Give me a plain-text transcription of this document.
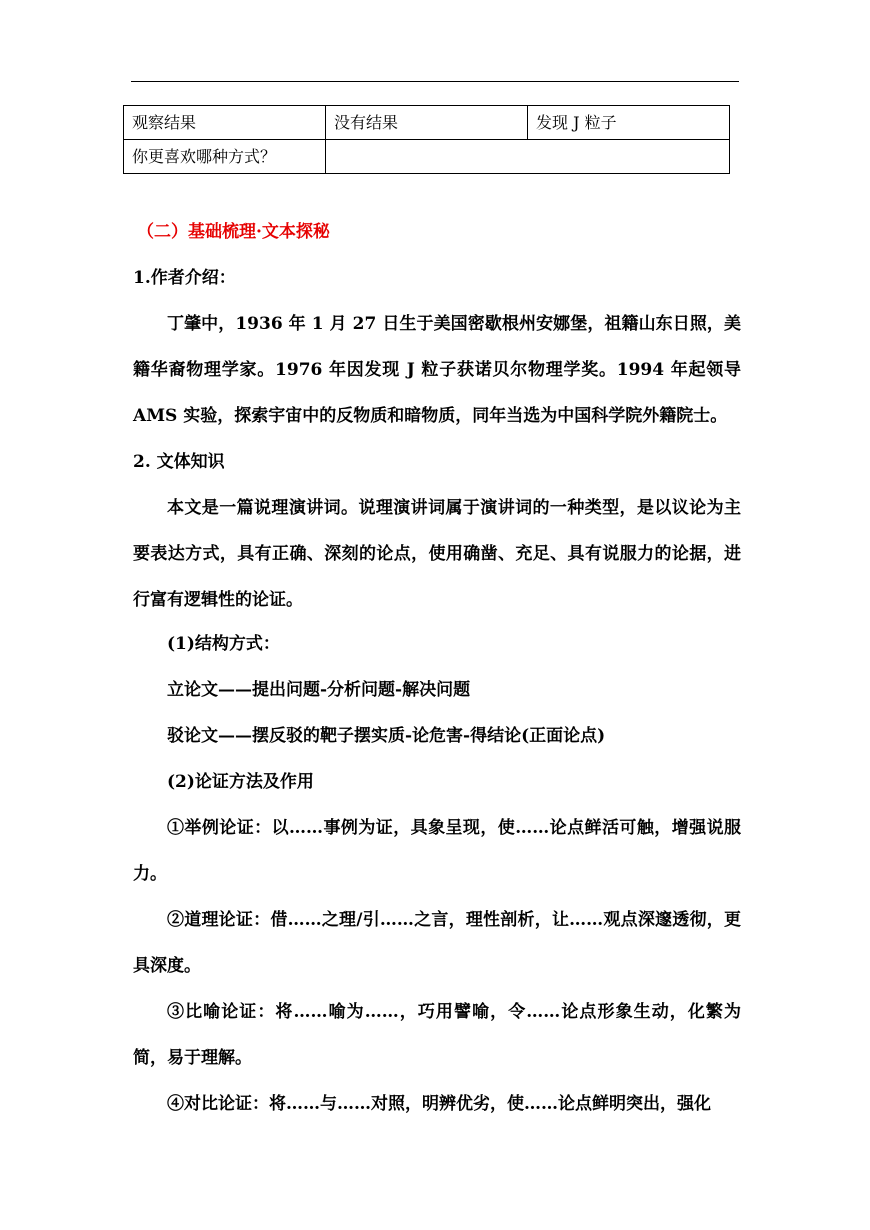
观察结果	没有结果	发现 J 粒子
你更喜欢哪种方式？		
（二）基础梳理·文本探秘
1.作者介绍：
丁肇中，1936 年 1 月 27 日生于美国密歇根州安娜堡，祖籍山东日照，美籍华裔物理学家。1976 年因发现 J 粒子获诺贝尔物理学奖。1994 年起领导 AMS 实验，探索宇宙中的反物质和暗物质，同年当选为中国科学院外籍院士。
2. 文体知识
本文是一篇说理演讲词。说理演讲词属于演讲词的一种类型，是以议论为主要表达方式，具有正确、深刻的论点，使用确凿、充足、具有说服力的论据，进行富有逻辑性的论证。
(1)结构方式：
立论文——提出问题-分析问题-解决问题
驳论文——摆反驳的靶子摆实质-论危害-得结论(正面论点)
(2)论证方法及作用
①举例论证：以……事例为证，具象呈现，使……论点鲜活可触，增强说服力。
②道理论证：借……之理/引……之言，理性剖析，让……观点深邃透彻，更具深度。
③比喻论证：将……喻为……，巧用譬喻，令……论点形象生动，化繁为简，易于理解。
④对比论证：将……与……对照，明辨优劣，使……论点鲜明突出，强化
